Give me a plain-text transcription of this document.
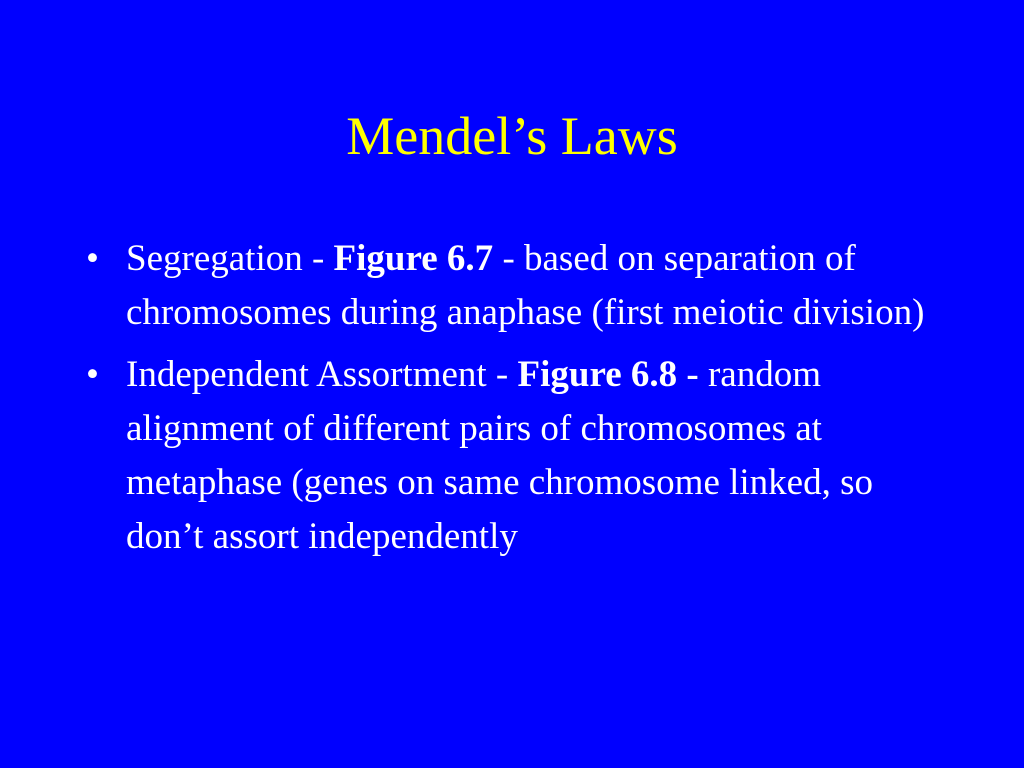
Mendel’s Laws
• Segregation - Figure 6.7 - based on separation of chromosomes during anaphase (first meiotic division)
• Independent Assortment - Figure 6.8 - random alignment of different pairs of chromosomes at metaphase (genes on same chromosome linked, so don’t assort independently
